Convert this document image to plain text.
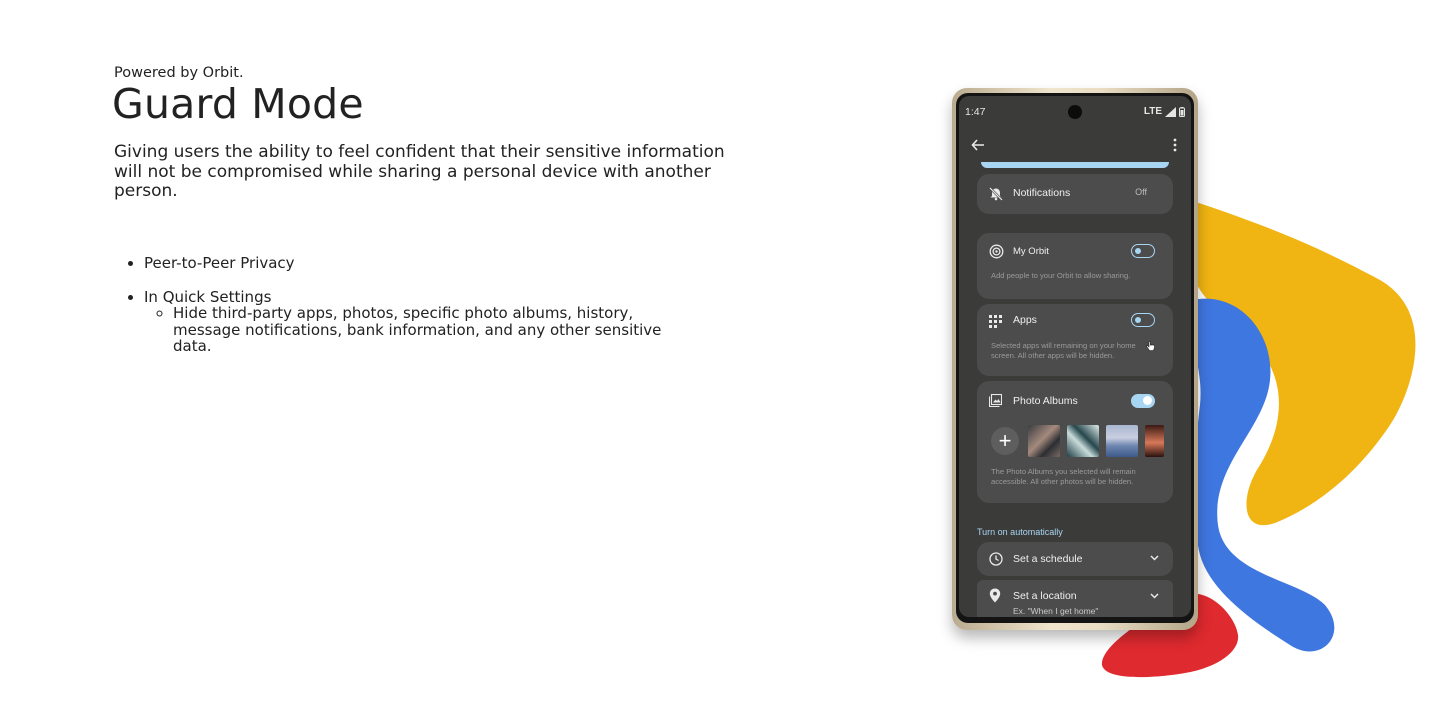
Powered by Orbit.
Guard Mode

Giving users the ability to feel confident that their sensitive information will not be compromised while sharing a personal device with another person.

• Peer-to-Peer Privacy
• In Quick Settings
◦ Hide third-party apps, photos, specific photo albums, history, message notifications, bank information, and any other sensitive data.
1:47	LTE
Notifications	Off
My Orbit
Add people to your Orbit to allow sharing.
Apps
Selected apps will remaining on your home screen. All other apps will be hidden.
Photo Albums
+
The Photo Albums you selected will remain accessible. All other photos will be hidden.
Turn on automatically
Set a schedule
Set a location
Ex. "When I get home"
